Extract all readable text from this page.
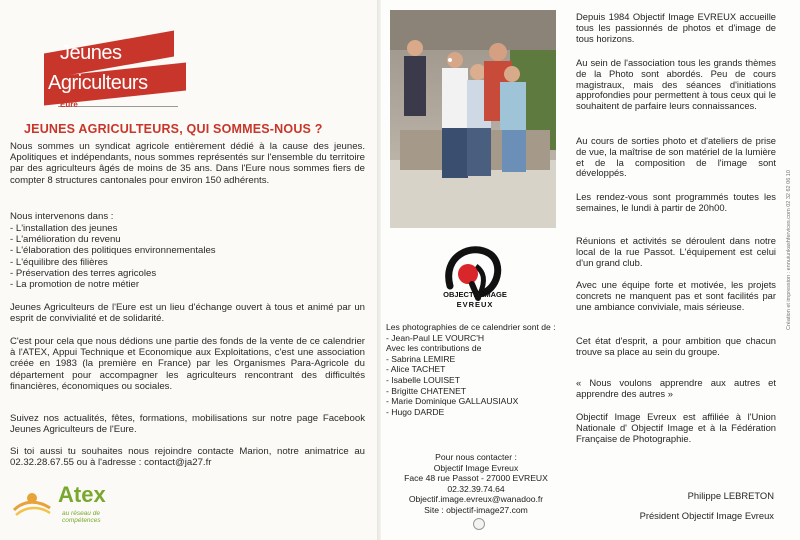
Jeunes
Agriculteurs
Eure
JEUNES AGRICULTEURS, QUI SOMMES-NOUS ?

Nous sommes un syndicat agricole entièrement dédié à la cause des jeunes. Apolitiques et indépendants, nous sommes représentés sur l'ensemble du territoire par des agriculteurs âgés de moins de 35 ans. Dans l'Eure nous sommes fiers de compter 8 structures cantonales pour environ 150 adhérents.

Nous intervenons dans :

- L'installation des jeunes
- L'amélioration du revenu
- L'élaboration des politiques environnementales
- L'équilibre des filières
- Préservation des terres agricoles
- La promotion de notre métier

Jeunes Agriculteurs de l'Eure est un lieu d'échange ouvert à tous et animé par un esprit de convivialité et de solidarité.

C'est pour cela que nous dédions une partie des fonds de la vente de ce calendrier à l'ATEX, Appui Technique et Economique aux Exploitations, c'est une association créée en 1983 (la première en France) par les Organismes Para-Agricole du département pour accompagner les agriculteurs rencontrant des difficultés financières, économiques ou sociales.

Suivez nos actualités, fêtes, formations, mobilisations sur notre page Facebook Jeunes Agriculteurs de l'Eure.

Si toi aussi tu souhaites nous rejoindre contacte Marion, notre animatrice au 02.32.28.67.55 ou à l'adresse : contact@ja27.fr

Atex
au réseau de compétences
OBJECTIF IMAGE
EVREUX
Les photographies de ce calendrier sont de :
- Jean-Paul LE VOURC'H
Avec les contributions de
- Sabrina LEMIRE
- Alice TACHET
- Isabelle LOUISET
- Brigitte CHATENET
- Marie Dominique GALLAUSIAUX
- Hugo DARDE
Pour nous contacter :
Objectif Image Evreux
Face 48 rue Passot - 27000 EVREUX
02.32.39.74.64
Objectif.image.evreux@wanadoo.fr
Site : objectif-image27.com

Depuis 1984 Objectif Image EVREUX accueille tous les passionnés de photos et d'image de tous horizons.

Au sein de l'association tous les grands thèmes de la Photo sont abordés. Peu de cours magistraux, mais des séances d'initiations approfondies pour permettent à tous ceux qui le souhaitent de parfaire leurs connaissances.

Au cours de sorties photo et d'ateliers de prise de vue, la maîtrise de son matériel de la lumière et de la composition de l'image sont développés.

Les rendez-vous sont programmés toutes les semaines, le lundi à partir de 20h00.

Réunions et activités se déroulent dans notre local de la rue Passot. L'équipement est celui d'un grand club.

Avec une équipe forte et motivée, les projets concrets ne manquent pas et sont facilités par une ambiance conviviale, mais sérieuse.

Cet état d'esprit, a pour ambition que chacun trouve sa place au sein du groupe.

« Nous voulons apprendre aux autres et apprendre des autres »

Objectif Image Evreux est affiliée à l'Union Nationale d' Objectif Image et à la Fédération Française de Photographie.

Philippe LEBRETON
Président Objectif Image Evreux
Création et impression : ennuiunkashfervices.com 02 32 62 06 10
